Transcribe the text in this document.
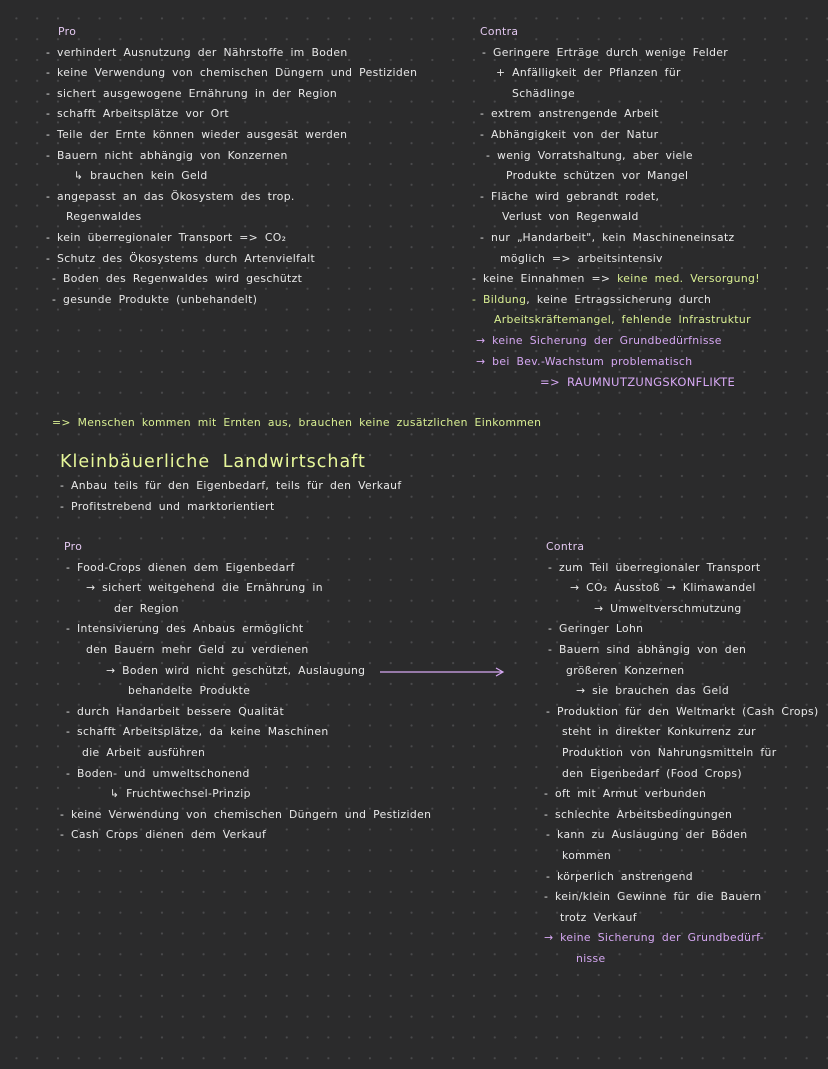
Pro
- verhindert Ausnutzung der Nährstoffe im Boden
- keine Verwendung von chemischen Düngern und Pestiziden
- sichert ausgewogene Ernährung in der Region
- schafft Arbeitsplätze vor Ort
- Teile der Ernte können wieder ausgesät werden
- Bauern nicht abhängig von Konzernen
↳ brauchen kein Geld
- angepasst an das Ökosystem des trop.
Regenwaldes
- kein überregionaler Transport => CO₂
- Schutz des Ökosystems durch Artenvielfalt
- Boden des Regenwaldes wird geschützt
- gesunde Produkte (unbehandelt)
Contra
- Geringere Erträge durch wenige Felder
+ Anfälligkeit der Pflanzen für
Schädlinge
- extrem anstrengende Arbeit
- Abhängigkeit von der Natur
- wenig Vorratshaltung, aber viele
Produkte schützen vor Mangel
- Fläche wird gebrandt rodet,
Verlust von Regenwald
- nur „Handarbeit", kein Maschineneinsatz
möglich => arbeitsintensiv
- keine Einnahmen => keine med. Versorgung!
- Bildung, keine Ertragssicherung durch
Arbeitskräftemangel, fehlende Infrastruktur
→ keine Sicherung der Grundbedürfnisse
→ bei Bev.-Wachstum problematisch
=> RAUMNUTZUNGSKONFLIKTE
=> Menschen kommen mit Ernten aus, brauchen keine zusätzlichen Einkommen
Kleinbäuerliche Landwirtschaft
- Anbau teils für den Eigenbedarf, teils für den Verkauf
- Profitstrebend und marktorientiert
Pro
- Food-Crops dienen dem Eigenbedarf
→ sichert weitgehend die Ernährung in
der Region
- Intensivierung des Anbaus ermöglicht
den Bauern mehr Geld zu verdienen
→ Boden wird nicht geschützt, Auslaugung
behandelte Produkte
- durch Handarbeit bessere Qualität
- schafft Arbeitsplätze, da keine Maschinen
die Arbeit ausführen
- Boden- und umweltschonend
↳ Fruchtwechsel-Prinzip
- keine Verwendung von chemischen Düngern und Pestiziden
- Cash Crops dienen dem Verkauf
Contra
- zum Teil überregionaler Transport
→ CO₂ Ausstoß → Klimawandel
→ Umweltverschmutzung
- Geringer Lohn
- Bauern sind abhängig von den
größeren Konzernen
→ sie brauchen das Geld
- Produktion für den Weltmarkt (Cash Crops)
steht in direkter Konkurrenz zur
Produktion von Nahrungsmitteln für
den Eigenbedarf (Food Crops)
- oft mit Armut verbunden
- schlechte Arbeitsbedingungen
- kann zu Auslaugung der Böden
kommen
- körperlich anstrengend
- kein/klein Gewinne für die Bauern
trotz Verkauf
→ keine Sicherung der Grundbedürf-
nisse
